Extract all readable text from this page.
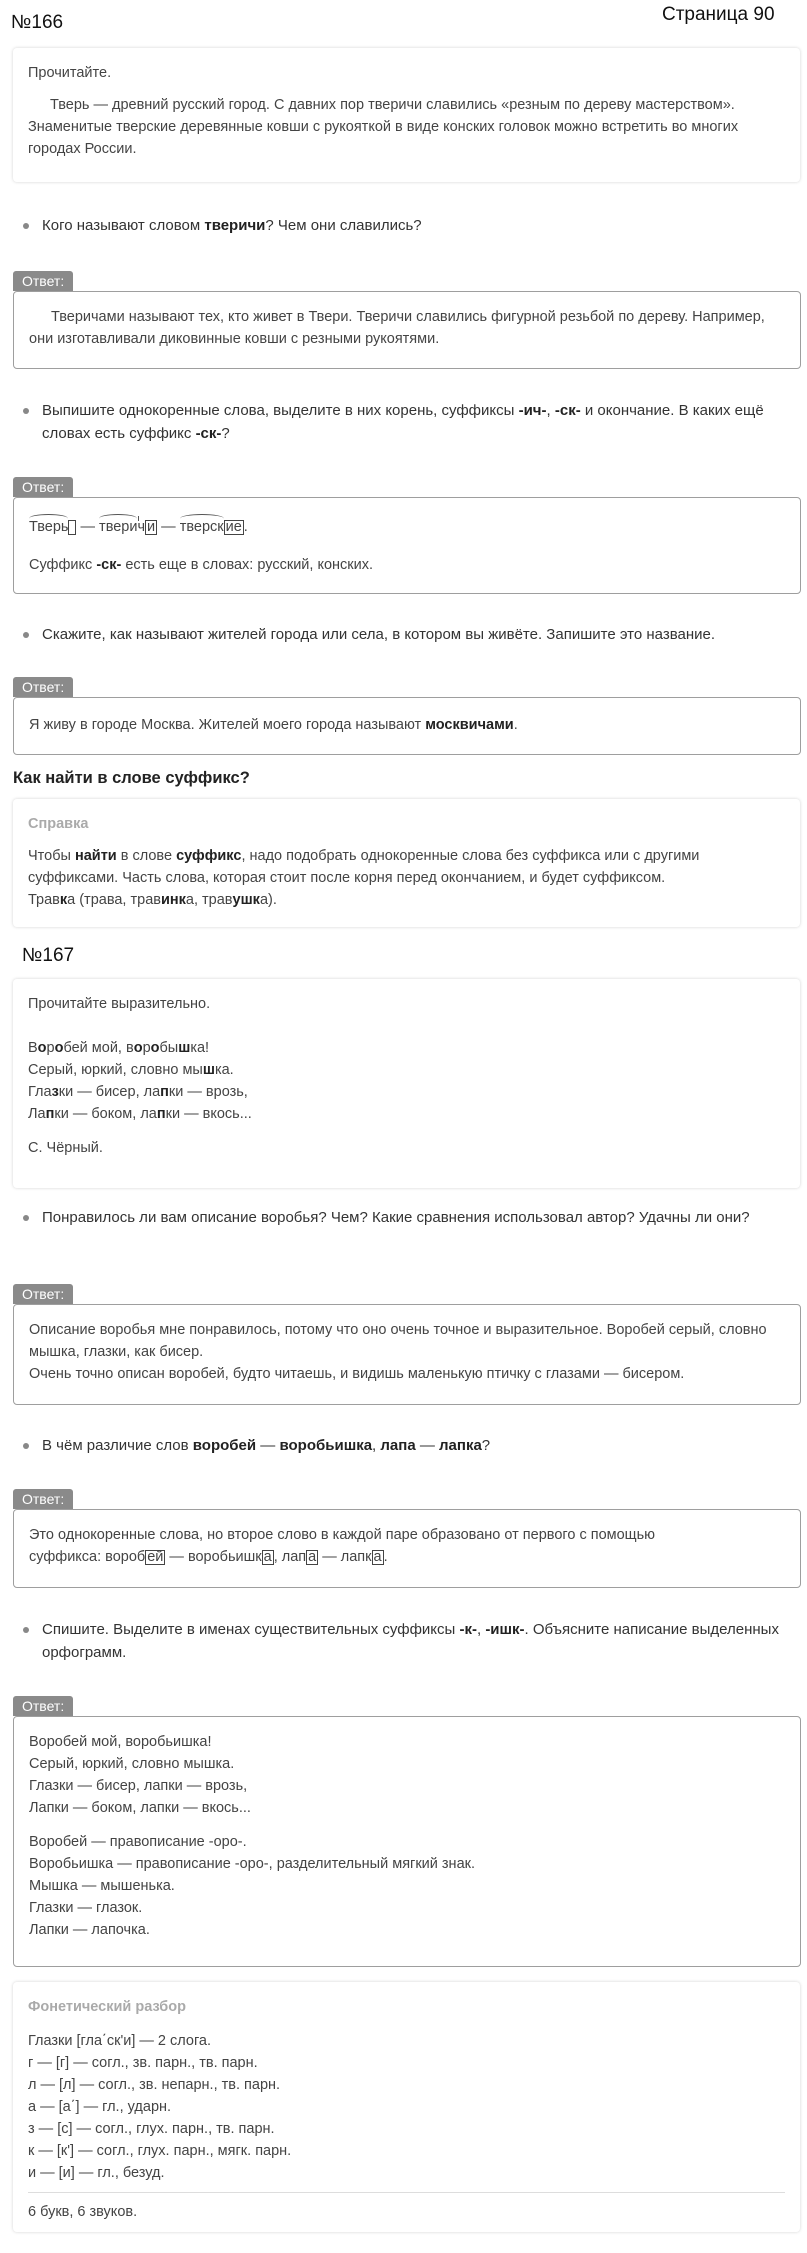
№166	Страница 90

Прочитайте.

Тверь — древний русский город. С давних пор тверичи славились «резным по дереву мастерством». Знаменитые тверские деревянные ковши с рукояткой в виде конских головок можно встретить во многих городах России.

Кого называют словом тверичи? Чем они славились?
Ответ:

Тверичами называют тех, кто живет в Твери. Тверичи славились фигурной резьбой по дереву. Например, они изготавливали диковинные ковши с резными рукоятями.

Выпишите однокоренные слова, выделите в них корень, суффиксы -ич-, -ск- и окончание. В каких ещё словах есть суффикс -ск-?
Ответ:

Тверь  — тверич и — тверск ие .

Суффикс -ск- есть еще в словах: русский, конских.

Скажите, как называют жителей города или села, в котором вы живёте. Запишите это название.
Ответ:

Я живу в городе Москва. Жителей моего города называют москвичами.

Как найти в слове суффикс?

Справка

Чтобы найти в слове суффикс, надо подобрать однокоренные слова без суффикса или с другими суффиксами. Часть слова, которая стоит после корня перед окончанием, и будет суффиксом.

Травка (трава, травинка, травушка).

№167

Прочитайте выразительно.

Воробей мой, воробышка!

Серый, юркий, словно мышка.

Глазки — бисер, лапки — врозь,

Лапки — боком, лапки — вкось...

С. Чёрный.

Понравилось ли вам описание воробья? Чем? Какие сравнения использовал автор? Удачны ли они?
Ответ:

Описание воробья мне понравилось, потому что оно очень точное и выразительное. Воробей серый, словно мышка, глазки, как бисер.

Очень точно описан воробей, будто читаешь, и видишь маленькую птичку с глазами — бисером.

В чём различие слов воробей — воробьишка, лапа — лапка?
Ответ:

Это однокоренные слова, но второе слово в каждой паре образовано от первого с помощью

суффикса: вороб ей — воробьишк а , лап а — лапк а .

Спишите. Выделите в именах существительных суффиксы -к-, -ишк-. Объясните написание выделенных орфограмм.
Ответ:

Воробей мой, воробьишка!

Серый, юркий, словно мышка.

Глазки — бисер, лапки — врозь,

Лапки — боком, лапки — вкось...

Воробей — правописание -оро-.

Воробьишка — правописание -оро-, разделительный мягкий знак.

Мышка — мышенька.

Глазки — глазок.

Лапки — лапочка.

Фонетический разбор

Глазки [гла΄ск'и] — 2 слога.

г — [г] — согл., зв. парн., тв. парн.

л — [л] — согл., зв. непарн., тв. парн.

а — [а΄] — гл., ударн.

з — [с] — согл., глух. парн., тв. парн.

к — [к'] — согл., глух. парн., мягк. парн.

и — [и] — гл., безуд.

6 букв, 6 звуков.
